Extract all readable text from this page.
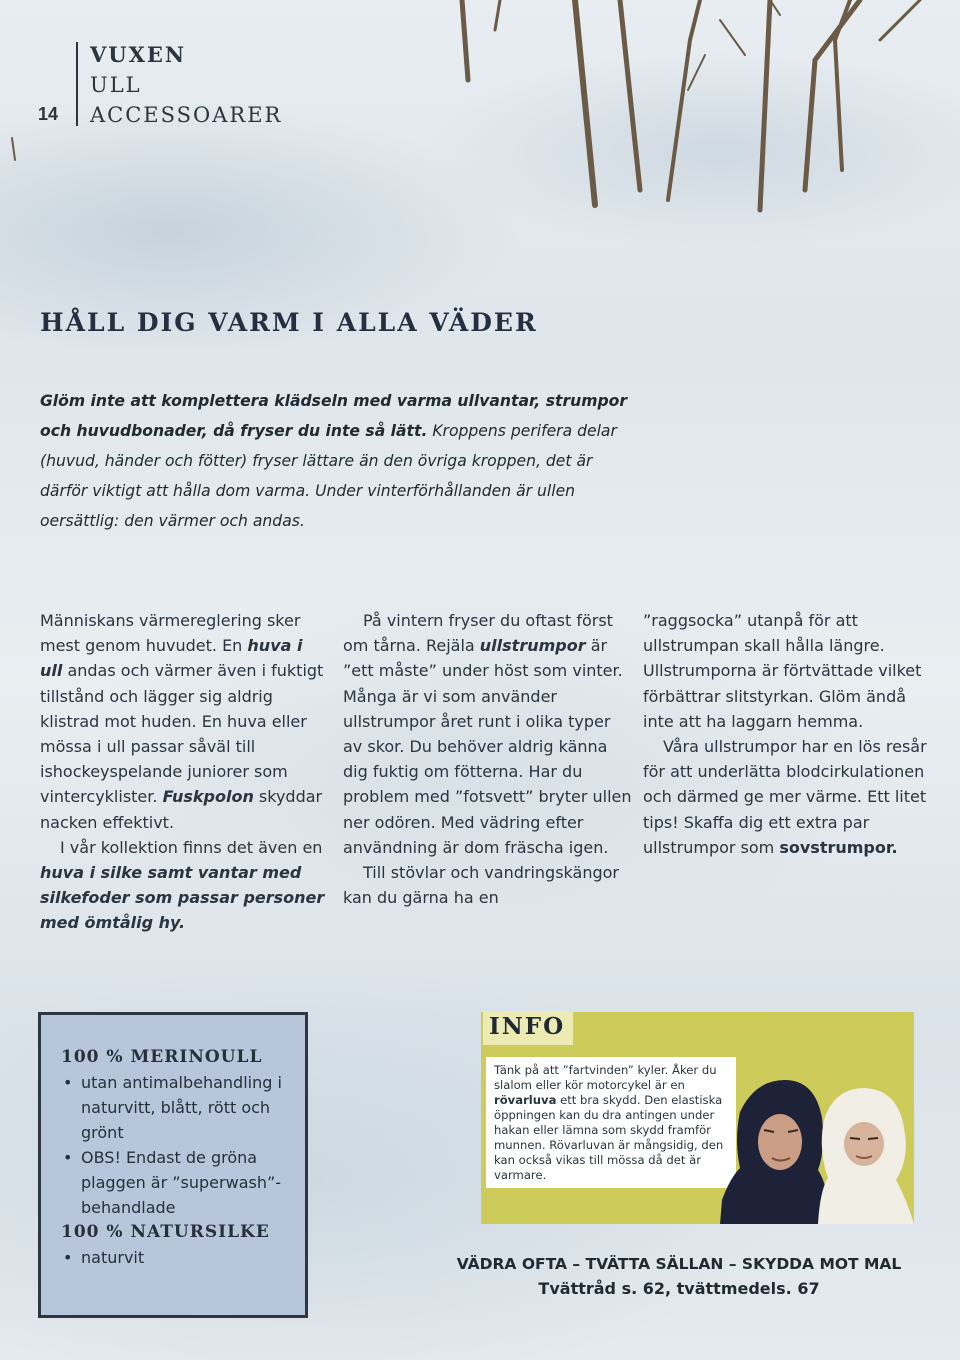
14
VUXEN
ULL
ACCESSOARER
HÅLL DIG VARM I ALLA VÄDER

Glöm inte att komplettera klädseln med varma ullvantar, strumpor och huvudbonader, då fryser du inte så lätt. Kroppens perifera delar (huvud, händer och fötter) fryser lättare än den övriga kroppen, det är därför viktigt att hålla dom varma. Under vinterförhållanden är ullen oersättlig: den värmer och andas.

Människans värmereglering sker mest genom huvudet. En huva i ull andas och värmer även i fuktigt tillstånd och lägger sig aldrig klistrad mot huden. En huva eller mössa i ull passar såväl till ishockeyspelande juniorer som vintercyklister. Fuskpolon skyddar nacken effektivt.

I vår kollektion finns det även en huva i silke samt vantar med silkefoder som passar personer med ömtålig hy.

På vintern fryser du oftast först om tårna. Rejäla ullstrumpor är ”ett måste” under höst som vinter. Många är vi som använder ullstrumpor året runt i olika typer av skor. Du behöver aldrig känna dig fuktig om fötterna. Har du problem med ”fotsvett” bryter ullen ner odören. Med vädring efter användning är dom fräscha igen.

Till stövlar och vandringskängor kan du gärna ha en

”raggsocka” utanpå för att ullstrumpan skall hålla längre. Ullstrumporna är förtvättade vilket förbättrar slitstyrkan. Glöm ändå inte att ha laggarn hemma.

Våra ullstrumpor har en lös resår för att underlätta blodcirkulationen och därmed ge mer värme. Ett litet tips! Skaffa dig ett extra par ullstrumpor som sovstrumpor.

100 % MERINOULL
• utan antimalbehandling i naturvitt, blått, rött och grönt
• OBS! Endast de gröna plaggen är ”superwash”-behandlade
100 % NATURSILKE
• naturvit
INFO
Tänk på att ”fartvinden” kyler. Åker du slalom eller kör motorcykel är en rövarluva ett bra skydd. Den elastiska öppningen kan du dra antingen under hakan eller lämna som skydd framför munnen. Rövarluvan är mångsidig, den kan också vikas till mössa då det är varmare.
VÄDRA OFTA – TVÄTTA SÄLLAN – SKYDDA MOT MAL
Tvättråd s. 62, tvättmedels. 67
